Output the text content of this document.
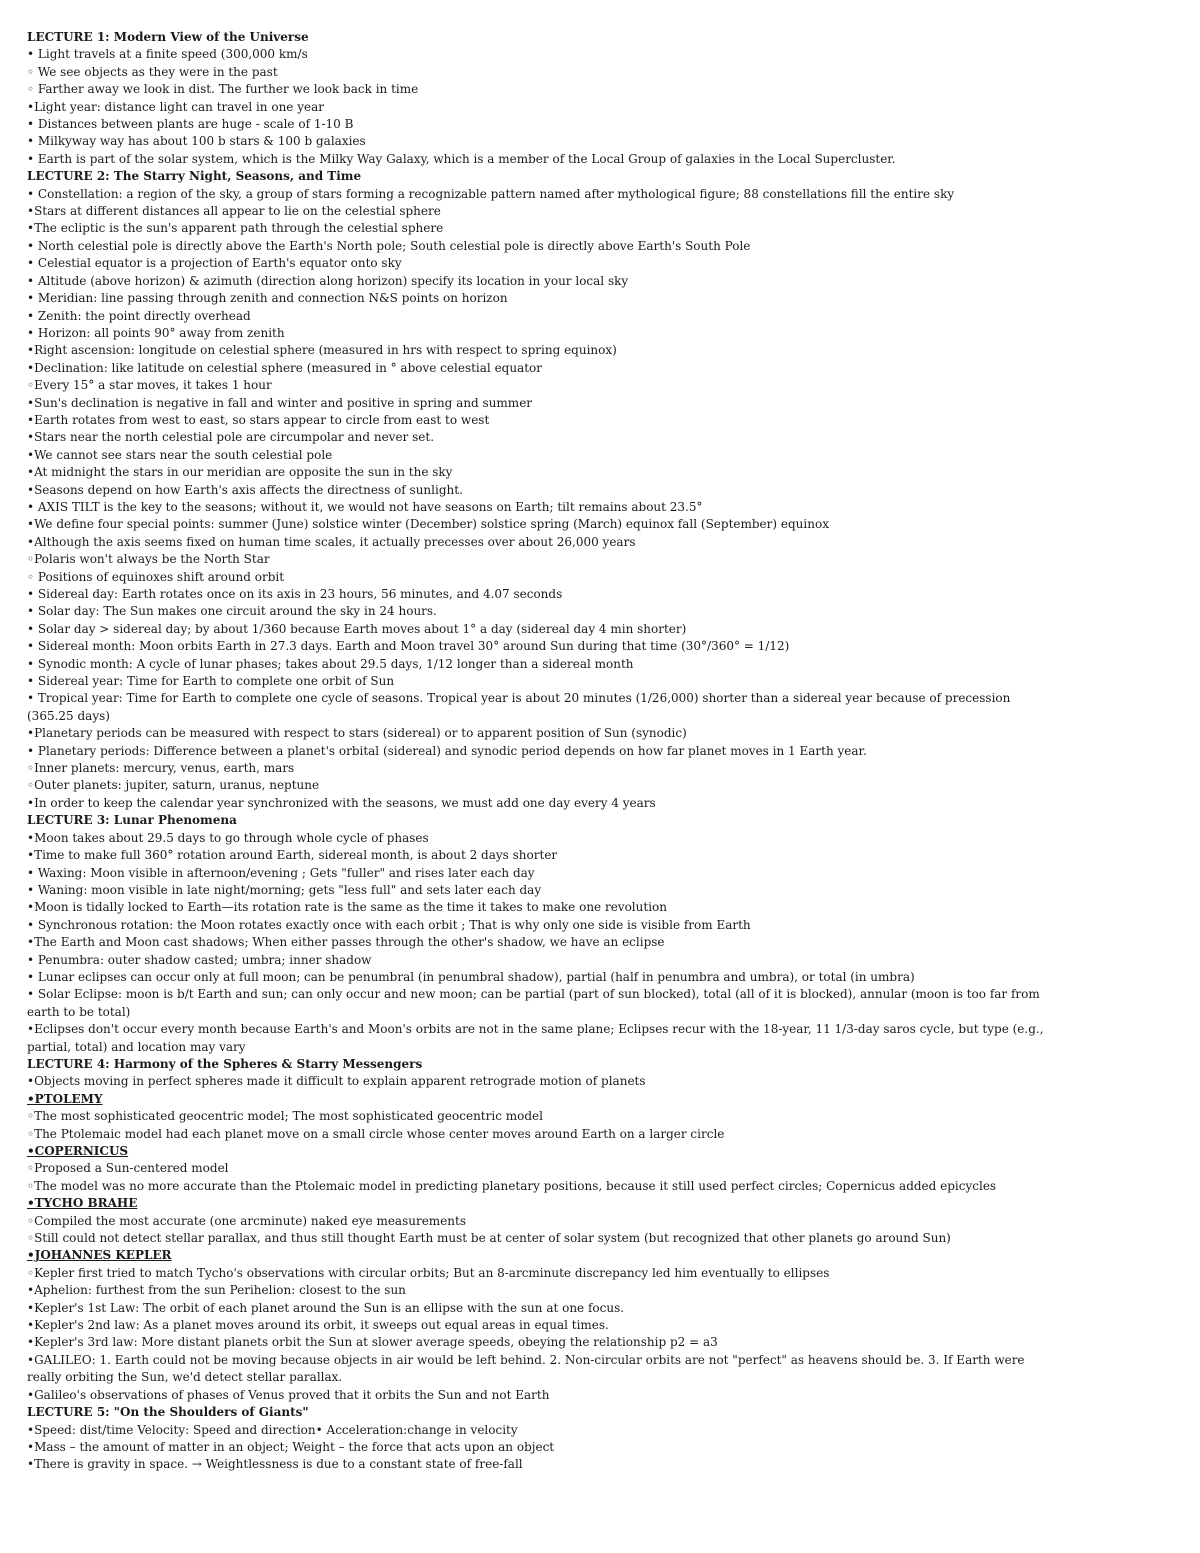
LECTURE 1: Modern View of the Universe

• Light travels at a finite speed (300,000 km/s

◦ We see objects as they were in the past

◦ Farther away we look in dist. The further we look back in time

•Light year: distance light can travel in one year

• Distances between plants are huge - scale of 1-10 B

• Milkyway way has about 100 b stars & 100 b galaxies

• Earth is part of the solar system, which is the Milky Way Galaxy, which is a member of the Local Group of galaxies in the Local Supercluster.

LECTURE 2: The Starry Night, Seasons, and Time

• Constellation: a region of the sky, a group of stars forming a recognizable pattern named after mythological figure; 88 constellations fill the entire sky

•Stars at different distances all appear to lie on the celestial sphere

•The ecliptic is the sun's apparent path through the celestial sphere

• North celestial pole is directly above the Earth's North pole; South celestial pole is directly above Earth's South Pole

• Celestial equator is a projection of Earth's equator onto sky

• Altitude (above horizon) & azimuth (direction along horizon) specify its location in your local sky

• Meridian: line passing through zenith and connection N&S points on horizon

• Zenith: the point directly overhead

• Horizon: all points 90° away from zenith

•Right ascension: longitude on celestial sphere (measured in hrs with respect to spring equinox)

•Declination: like latitude on celestial sphere (measured in ° above celestial equator

◦Every 15° a star moves, it takes 1 hour

•Sun's declination is negative in fall and winter and positive in spring and summer

•Earth rotates from west to east, so stars appear to circle from east to west

•Stars near the north celestial pole are circumpolar and never set.

•We cannot see stars near the south celestial pole

•At midnight the stars in our meridian are opposite the sun in the sky

•Seasons depend on how Earth's axis affects the directness of sunlight.

• AXIS TILT is the key to the seasons; without it, we would not have seasons on Earth; tilt remains about 23.5°

•We define four special points: summer (June) solstice winter (December) solstice spring (March) equinox fall (September) equinox

•Although the axis seems fixed on human time scales, it actually precesses over about 26,000 years

◦Polaris won't always be the North Star

◦ Positions of equinoxes shift around orbit

• Sidereal day: Earth rotates once on its axis in 23 hours, 56 minutes, and 4.07 seconds

• Solar day: The Sun makes one circuit around the sky in 24 hours.

• Solar day > sidereal day; by about 1/360 because Earth moves about 1° a day (sidereal day 4 min shorter)

• Sidereal month: Moon orbits Earth in 27.3 days. Earth and Moon travel 30° around Sun during that time (30°/360° = 1/12)

• Synodic month: A cycle of lunar phases; takes about 29.5 days, 1/12 longer than a sidereal month

• Sidereal year: Time for Earth to complete one orbit of Sun

• Tropical year: Time for Earth to complete one cycle of seasons. Tropical year is about 20 minutes (1/26,000) shorter than a sidereal year because of precession (365.25 days)

•Planetary periods can be measured with respect to stars (sidereal) or to apparent position of Sun (synodic)

• Planetary periods: Difference between a planet's orbital (sidereal) and synodic period depends on how far planet moves in 1 Earth year.

◦Inner planets: mercury, venus, earth, mars

◦Outer planets: jupiter, saturn, uranus, neptune

•In order to keep the calendar year synchronized with the seasons, we must add one day every 4 years

LECTURE 3: Lunar Phenomena

•Moon takes about 29.5 days to go through whole cycle of phases

•Time to make full 360° rotation around Earth, sidereal month, is about 2 days shorter

• Waxing: Moon visible in afternoon/evening ; Gets "fuller" and rises later each day

• Waning: moon visible in late night/morning; gets "less full" and sets later each day

•Moon is tidally locked to Earth—its rotation rate is the same as the time it takes to make one revolution

• Synchronous rotation: the Moon rotates exactly once with each orbit ; That is why only one side is visible from Earth

•The Earth and Moon cast shadows; When either passes through the other's shadow, we have an eclipse

• Penumbra: outer shadow casted; umbra; inner shadow

• Lunar eclipses can occur only at full moon; can be penumbral (in penumbral shadow), partial (half in penumbra and umbra), or total (in umbra)

• Solar Eclipse: moon is b/t Earth and sun; can only occur and new moon; can be partial (part of sun blocked), total (all of it is blocked), annular (moon is too far from earth to be total)

•Eclipses don't occur every month because Earth's and Moon's orbits are not in the same plane; Eclipses recur with the 18-year, 11 1/3-day saros cycle, but type (e.g., partial, total) and location may vary

LECTURE 4: Harmony of the Spheres & Starry Messengers

•Objects moving in perfect spheres made it difficult to explain apparent retrograde motion of planets

•PTOLEMY

◦The most sophisticated geocentric model; The most sophisticated geocentric model

◦The Ptolemaic model had each planet move on a small circle whose center moves around Earth on a larger circle

•COPERNICUS

◦Proposed a Sun-centered model

◦The model was no more accurate than the Ptolemaic model in predicting planetary positions, because it still used perfect circles; Copernicus added epicycles

•TYCHO BRAHE

◦Compiled the most accurate (one arcminute) naked eye measurements

◦Still could not detect stellar parallax, and thus still thought Earth must be at center of solar system (but recognized that other planets go around Sun)

•JOHANNES KEPLER

◦Kepler first tried to match Tycho's observations with circular orbits; But an 8-arcminute discrepancy led him eventually to ellipses

•Aphelion: furthest from the sun Perihelion: closest to the sun

•Kepler's 1st Law: The orbit of each planet around the Sun is an ellipse with the sun at one focus.

•Kepler's 2nd law: As a planet moves around its orbit, it sweeps out equal areas in equal times.

•Kepler's 3rd law: More distant planets orbit the Sun at slower average speeds, obeying the relationship p2 = a3

•GALILEO: 1. Earth could not be moving because objects in air would be left behind. 2. Non-circular orbits are not "perfect" as heavens should be. 3. If Earth were really orbiting the Sun, we'd detect stellar parallax.

•Galileo's observations of phases of Venus proved that it orbits the Sun and not Earth

LECTURE 5: "On the Shoulders of Giants"

•Speed: dist/time Velocity: Speed and direction• Acceleration:change in velocity

•Mass – the amount of matter in an object; Weight – the force that acts upon an object

•There is gravity in space. → Weightlessness is due to a constant state of free-fall
